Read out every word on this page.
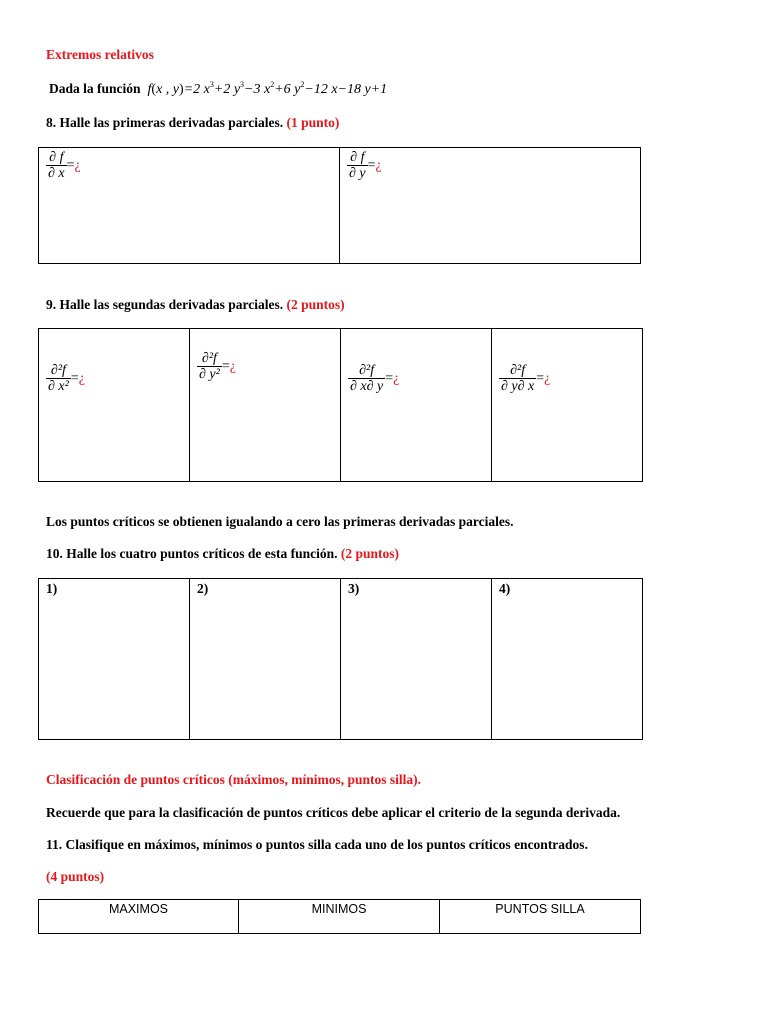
Extremos relativos
Dada la función f(x , y)=2 $x^3+2$ $y^3-3$ $x^2+6$ $y^2-12$ x−18 y+1
8. Halle las primeras derivadas parciales. (1 punto)
$\frac{\partial f}{\partial x}$ =¿	$\frac{\partial f}{\partial y}$ =¿
9. Halle las segundas derivadas parciales. (2 puntos)
$\frac{\text{∂²f}}{\text{∂ x²}}$ =¿	$\frac{\text{∂²f}}{\text{∂ y²}}$ =¿	$\frac{\text{∂²f}}{\partial x\partial y}$ =¿	$\frac{\text{∂²f}}{\partial y\partial x}$ =¿
Los puntos críticos se obtienen igualando a cero las primeras derivadas parciales.
10. Halle los cuatro puntos críticos de esta función. (2 puntos)
1)	2)	3)	4)
Clasificación de puntos críticos (máximos, mínimos, puntos silla).
Recuerde que para la clasificación de puntos críticos debe aplicar el criterio de la segunda derivada.
11. Clasifique en máximos, mínimos o puntos silla cada uno de los puntos críticos encontrados.
(4 puntos)
MAXIMOS	MINIMOS	PUNTOS SILLA
